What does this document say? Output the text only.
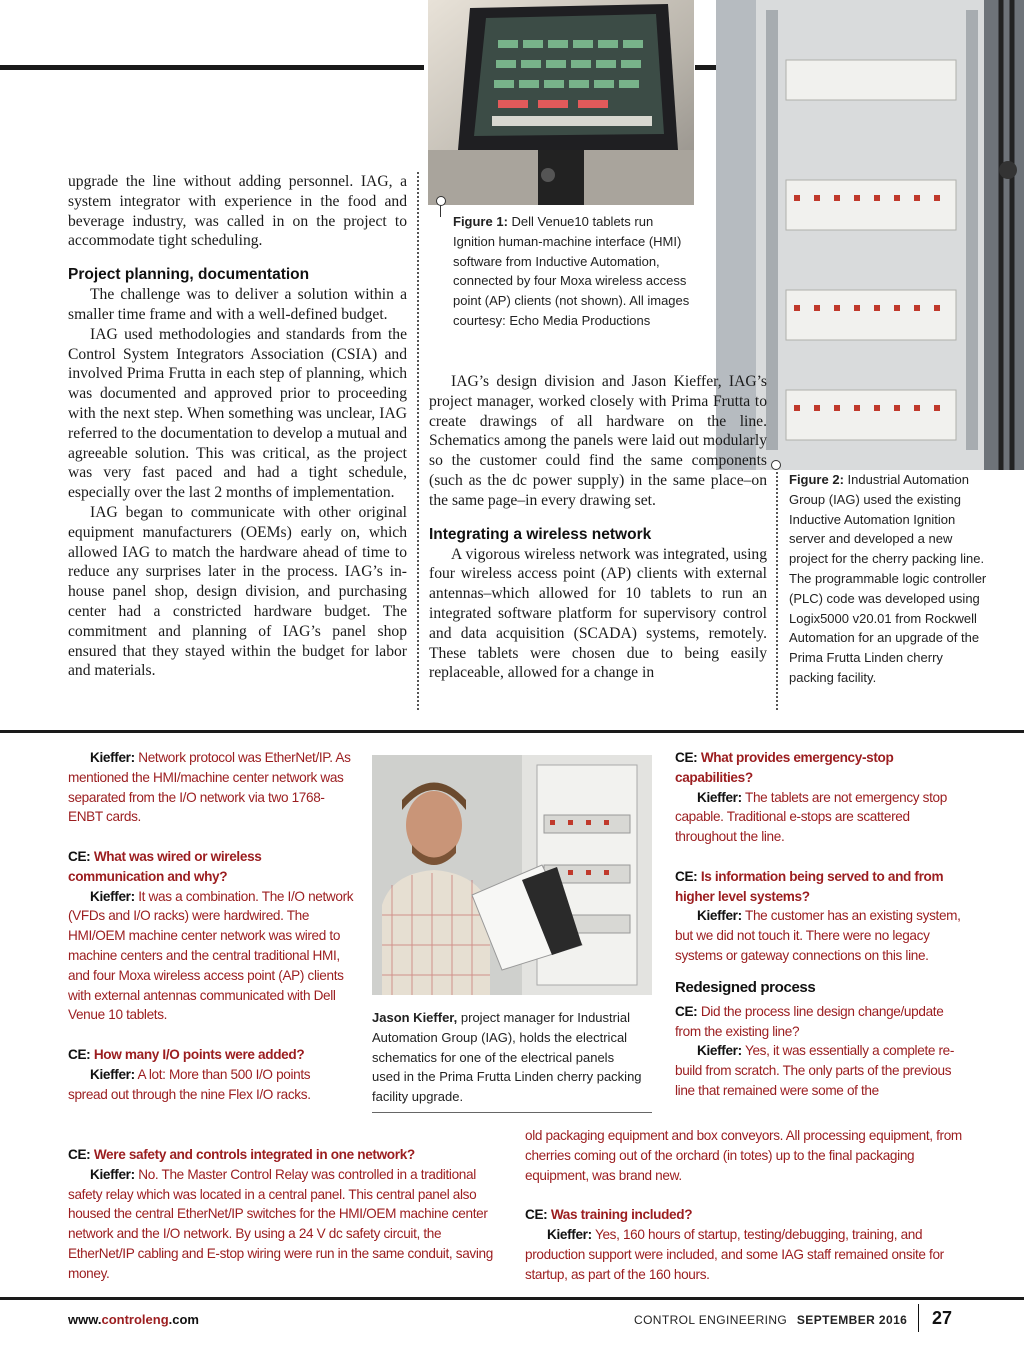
upgrade the line without adding personnel. IAG, a system integrator with experience in the food and beverage industry, was called in on the project to accommodate tight scheduling.

Project planning, documentation

The challenge was to deliver a solution within a smaller time frame and with a well-defined budget.

IAG used methodologies and standards from the Control System Integrators Association (CSIA) and involved Prima Frutta in each step of planning, which was documented and approved prior to proceeding with the next step. When something was unclear, IAG referred to the documentation to develop a mutual and agreeable solution. This was critical, as the project was very fast paced and had a tight schedule, especially over the last 2 months of implementation.

IAG began to communicate with other original equipment manufacturers (OEMs) early on, which allowed IAG to match the hardware ahead of time to reduce any surprises later in the process. IAG’s in-house panel shop, design division, and purchasing center had a constricted hardware budget. The commitment and planning of IAG’s panel shop ensured that they stayed within the budget for labor and materials.

Figure 1: Dell Venue10 tablets run Ignition human-machine interface (HMI) software from Inductive Automation, connected by four Moxa wireless access point (AP) clients (not shown). All images courtesy: Echo Media Productions

IAG’s design division and Jason Kieffer, IAG’s project manager, worked closely with Prima Frutta to create drawings of all hardware on the line. Schematics among the panels were laid out modularly so the customer could find the same components (such as the dc power supply) in the same place–on the same page–in every drawing set.

Integrating a wireless network

A vigorous wireless network was integrated, using four wireless access point (AP) clients with external antennas–which allowed for 10 tablets to run an integrated software platform for supervisory control and data acquisition (SCADA) systems, remotely. These tablets were chosen due to being easily replaceable, allowed for a change in

Figure 2: Industrial Automation Group (IAG) used the existing Inductive Automation Ignition server and developed a new project for the cherry packing line. The programmable logic controller (PLC) code was developed using Logix5000 v20.01 from Rockwell Automation for an upgrade of the Prima Frutta Linden cherry packing facility.

Kieffer: Network protocol was EtherNet/IP. As mentioned the HMI/machine center network was separated from the I/O network via two 1768-ENBT cards.

CE: What was wired or wireless communication and why?

Kieffer: It was a combination. The I/O network (VFDs and I/O racks) were hardwired. The HMI/OEM machine center network was wired to machine centers and the central traditional HMI, and four Moxa wireless access point (AP) clients with external antennas communicated with Dell Venue 10 tablets.

CE: How many I/O points were added?

Kieffer: A lot: More than 500 I/O points spread out through the nine Flex I/O racks.

Jason Kieffer, project manager for Industrial Automation Group (IAG), holds the electrical schematics for one of the electrical panels used in the Prima Frutta Linden cherry packing facility upgrade.

CE: What provides emergency-stop capabilities?

Kieffer: The tablets are not emergency stop capable. Traditional e-stops are scattered throughout the line.

CE: Is information being served to and from higher level systems?

Kieffer: The customer has an existing system, but we did not touch it. There were no legacy systems or gateway connections on this line.

Redesigned process

CE: Did the process line design change/update from the existing line?

Kieffer: Yes, it was essentially a complete re-build from scratch. The only parts of the previous line that remained were some of the

CE: Were safety and controls integrated in one network?

Kieffer: No. The Master Control Relay was controlled in a traditional safety relay which was located in a central panel. This central panel also housed the central EtherNet/IP switches for the HMI/OEM machine center network and the I/O network. By using a 24 V dc safety circuit, the EtherNet/IP cabling and E-stop wiring were run in the same conduit, saving money.

old packaging equipment and box conveyors. All processing equipment, from cherries coming out of the orchard (in totes) up to the final packaging equipment, was brand new.

CE: Was training included?

Kieffer: Yes, 160 hours of startup, testing/debugging, training, and production support were included, and some IAG staff remained onsite for startup, as part of the 160 hours.

www.controleng.com	CONTROL ENGINEERING SEPTEMBER 2016 27
